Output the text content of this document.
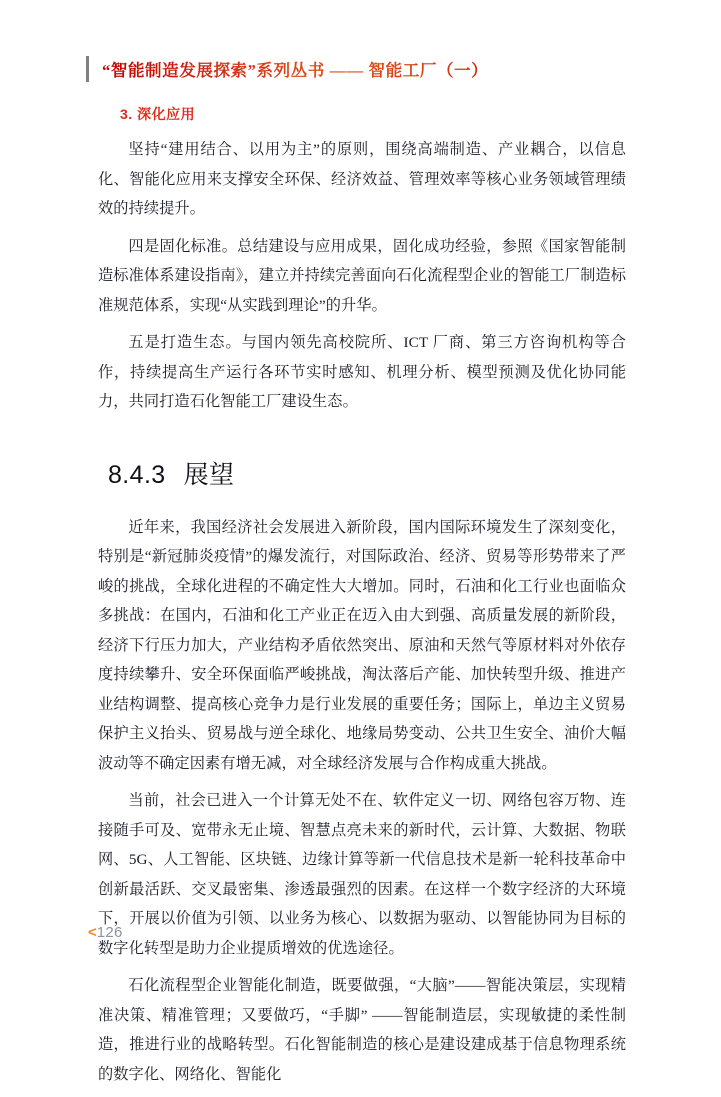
“智能制造发展探索”系列丛书 —— 智能工厂（一）
3. 深化应用

坚持“建用结合、以用为主”的原则，围绕高端制造、产业耦合，以信息化、智能化应用来支撑安全环保、经济效益、管理效率等核心业务领域管理绩效的持续提升。

四是固化标准。总结建设与应用成果，固化成功经验，参照《国家智能制造标准体系建设指南》，建立并持续完善面向石化流程型企业的智能工厂制造标准规范体系，实现“从实践到理论”的升华。

五是打造生态。与国内领先高校院所、ICT 厂商、第三方咨询机构等合作，持续提高生产运行各环节实时感知、机理分析、模型预测及优化协同能力，共同打造石化智能工厂建设生态。

8.4.3 展望

近年来，我国经济社会发展进入新阶段，国内国际环境发生了深刻变化，特别是“新冠肺炎疫情”的爆发流行，对国际政治、经济、贸易等形势带来了严峻的挑战，全球化进程的不确定性大大增加。同时，石油和化工行业也面临众多挑战：在国内，石油和化工产业正在迈入由大到强、高质量发展的新阶段，经济下行压力加大，产业结构矛盾依然突出、原油和天然气等原材料对外依存度持续攀升、安全环保面临严峻挑战，淘汰落后产能、加快转型升级、推进产业结构调整、提高核心竞争力是行业发展的重要任务；国际上，单边主义贸易保护主义抬头、贸易战与逆全球化、地缘局势变动、公共卫生安全、油价大幅波动等不确定因素有增无减，对全球经济发展与合作构成重大挑战。

当前，社会已进入一个计算无处不在、软件定义一切、网络包容万物、连接随手可及、宽带永无止境、智慧点亮未来的新时代，云计算、大数据、物联网、5G、人工智能、区块链、边缘计算等新一代信息技术是新一轮科技革命中创新最活跃、交叉最密集、渗透最强烈的因素。在这样一个数字经济的大环境下，开展以价值为引领、以业务为核心、以数据为驱动、以智能协同为目标的数字化转型是助力企业提质增效的优选途径。

石化流程型企业智能化制造，既要做强，“大脑”——智能决策层，实现精准决策、精准管理；又要做巧，“手脚” ——智能制造层，实现敏捷的柔性制造，推进行业的战略转型。石化智能制造的核心是建设建成基于信息物理系统的数字化、网络化、智能化

< 126
